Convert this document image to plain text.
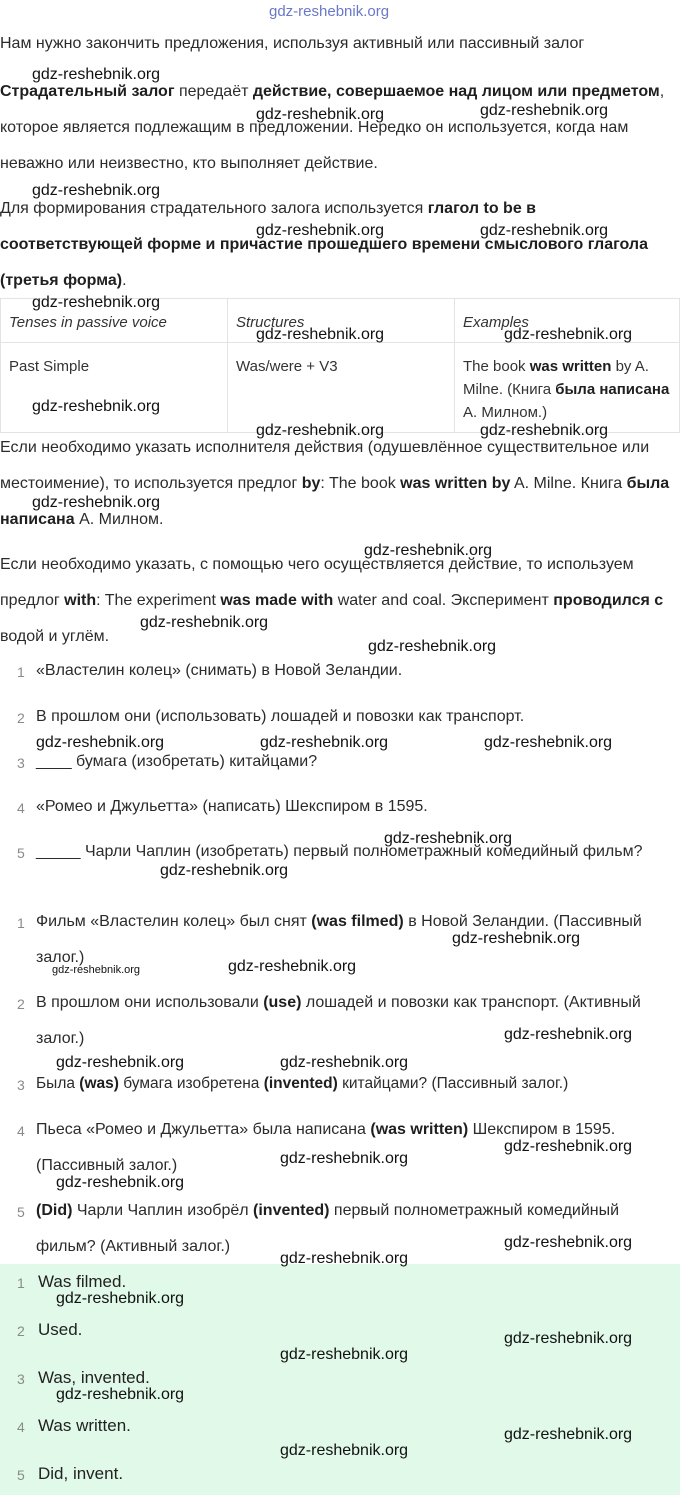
gdz-reshebnik.org

Нам нужно закончить предложения, используя активный или пассивный залог

Страдательный залог передаёт действие, совершаемое над лицом или предметом, которое является подлежащим в предложении. Нередко он используется, когда нам неважно или неизвестно, кто выполняет действие.

Для формирования страдательного залога используется глагол to be в соответствующей форме и причастие прошедшего времени смыслового глагола (третья форма).

Tenses in passive voice	Structures	Examples
Past Simple	Was/were + V3	The book was written by A. Milne. (Книга была написана А. Милном.)

Если необходимо указать исполнителя действия (одушевлённое существительное или местоимение), то используется предлог by: The book was written by A. Milne. Книга была написана А. Милном.

Если необходимо указать, с помощью чего осуществляется действие, то используем предлог with: The experiment was made with water and coal. Эксперимент проводился с водой и углём.

1 «Властелин колец» (снимать) в Новой Зеландии.
2 В прошлом они (использовать) лошадей и повозки как транспорт.
3 ____ бумага (изобретать) китайцами?
4 «Ромео и Джульетта» (написать) Шекспиром в 1595.
5 _____ Чарли Чаплин (изобретать) первый полнометражный комедийный фильм?
1 Фильм «Властелин колец» был снят (was filmed) в Новой Зеландии. (Пассивный залог.)
2 В прошлом они использовали (use) лошадей и повозки как транспорт. (Активный залог.)
3 Была (was) бумага изобретена (invented) китайцами? (Пассивный залог.)
4 Пьеса «Ромео и Джульетта» была написана (was written) Шекспиром в 1595. (Пассивный залог.)
5 (Did) Чарли Чаплин изобрёл (invented) первый полнометражный комедийный фильм? (Активный залог.)
1 Was filmed.
2 Used.
3 Was, invented.
4 Was written.
5 Did, invent.
gdz-reshebnik.org
gdz-reshebnik.org	gdz-reshebnik.org
gdz-reshebnik.org
gdz-reshebnik.org	gdz-reshebnik.org
gdz-reshebnik.org
gdz-reshebnik.org	gdz-reshebnik.org
gdz-reshebnik.org
gdz-reshebnik.org	gdz-reshebnik.org
gdz-reshebnik.org
gdz-reshebnik.org
gdz-reshebnik.org
gdz-reshebnik.org
gdz-reshebnik.org	gdz-reshebnik.org	gdz-reshebnik.org
gdz-reshebnik.org
gdz-reshebnik.org
gdz-reshebnik.org
gdz-reshebnik.org	gdz-reshebnik.org
gdz-reshebnik.org
gdz-reshebnik.org	gdz-reshebnik.org
gdz-reshebnik.org
gdz-reshebnik.org
gdz-reshebnik.org
gdz-reshebnik.org
gdz-reshebnik.org
gdz-reshebnik.org
gdz-reshebnik.org
gdz-reshebnik.org
gdz-reshebnik.org
gdz-reshebnik.org
gdz-reshebnik.org
